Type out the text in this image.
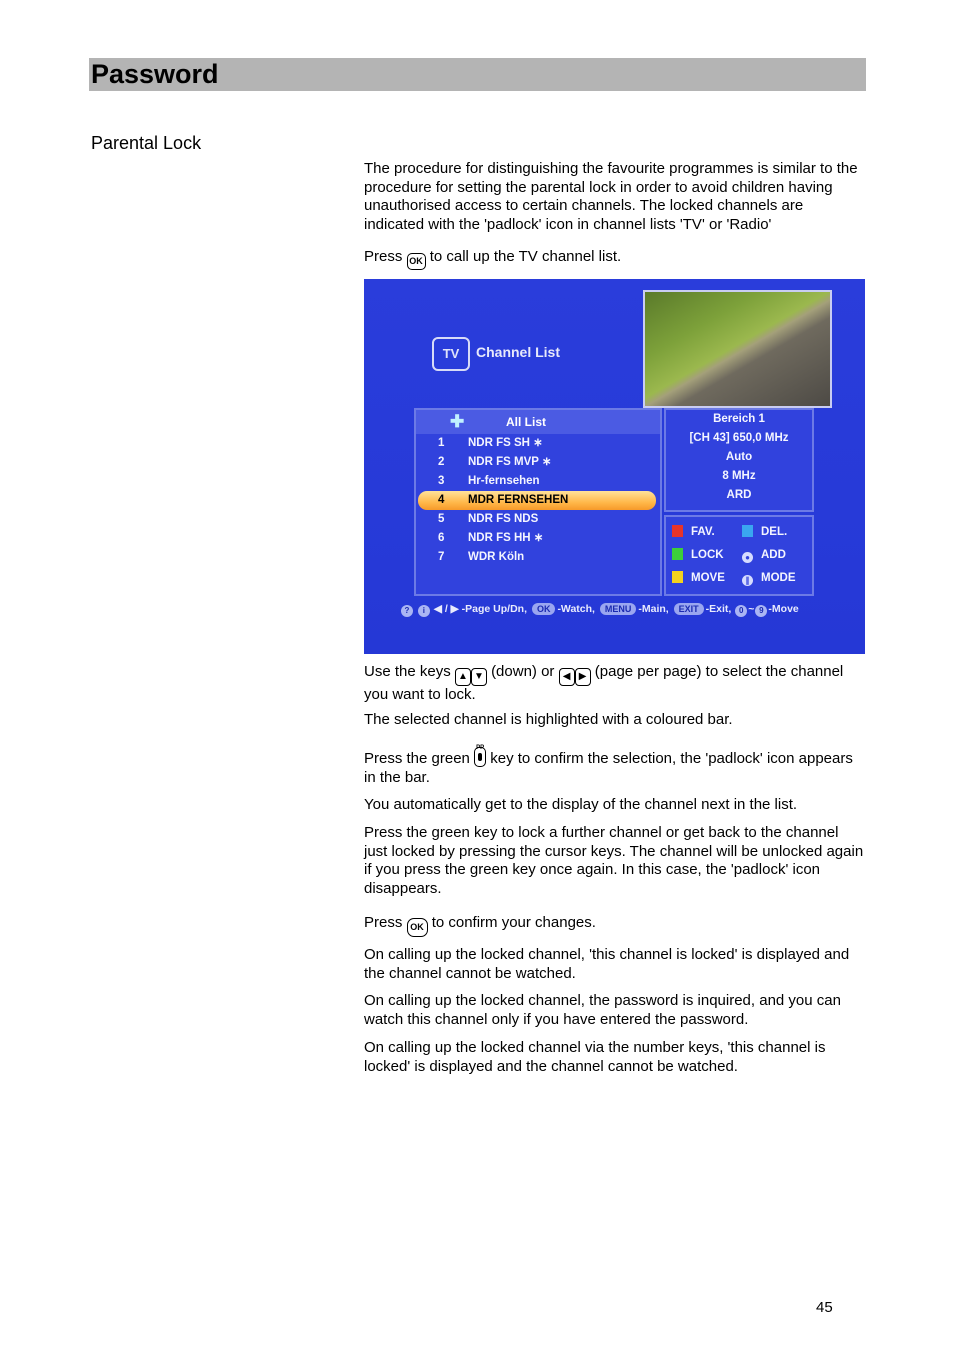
Password
Parental Lock

The procedure for distinguishing the favourite programmes is similar to the procedure for setting the parental lock in order to avoid children having unauthorised access to certain channels. The locked channels are indicated with the 'padlock' icon in channel lists 'TV' or 'Radio'

Press OK to call up the TV channel list.

TV	Channel List
✚	All List
1 NDR FS SH ∗
2 NDR FS MVP ∗
3 Hr-fernsehen
4 MDR FERNSEHEN
5 NDR FS NDS
6 NDR FS HH ∗
7 WDR Köln
Bereich 1
[CH 43] 650,0 MHz
Auto
8 MHz
ARD
FAV.	DEL.
LOCK	● ADD
MOVE	∥ MODE
? i ◀ / ▶ -Page Up/Dn, OK -Watch, MENU -Main, EXIT -Exit, 0 ~ 9 -Move

Use the keys ▲ ▼ (down) or ◀ ▶ (page per page) to select the channel you want to lock.

The selected channel is highlighted with a coloured bar.

Press the green
PP
key to confirm the selection, the 'padlock' icon appears in the bar.

You automatically get to the display of the channel next in the list.

Press the green key to lock a further channel or get back to the channel just locked by pressing the cursor keys. The channel will be unlocked again if you press the green key once again. In this case, the 'padlock' icon disappears.

Press OK to confirm your changes.

On calling up the locked channel, 'this channel is locked' is displayed and the channel cannot be watched.

On calling up the locked channel, the password is inquired, and you can watch this channel only if you have entered the password.

On calling up the locked channel via the number keys, 'this channel is locked' is displayed and the channel cannot be watched.

45
